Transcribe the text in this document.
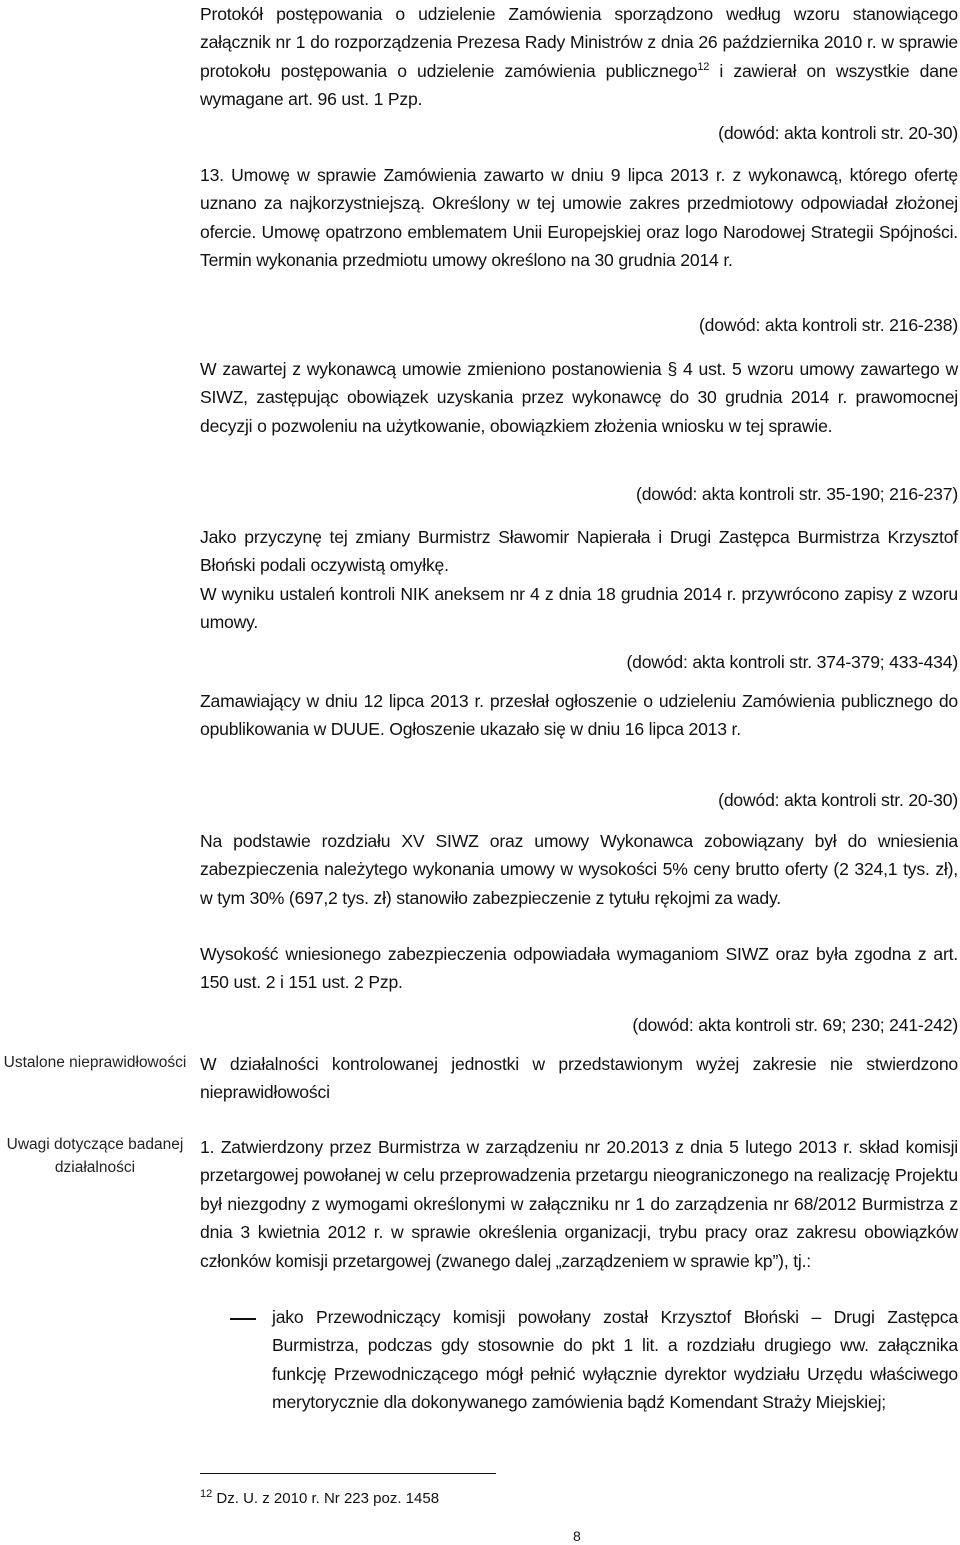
Protokół postępowania o udzielenie Zamówienia sporządzono według wzoru stanowiącego załącznik nr 1 do rozporządzenia Prezesa Rady Ministrów z dnia 26 października 2010 r. w sprawie protokołu postępowania o udzielenie zamówienia publicznego$^{12}$ i zawierał on wszystkie dane wymagane art. 96 ust. 1 Pzp.
(dowód: akta kontroli str. 20-30)
13. Umowę w sprawie Zamówienia zawarto w dniu 9 lipca 2013 r. z wykonawcą, którego ofertę uznano za najkorzystniejszą. Określony w tej umowie zakres przedmiotowy odpowiadał złożonej ofercie. Umowę opatrzono emblematem Unii Europejskiej oraz logo Narodowej Strategii Spójności. Termin wykonania przedmiotu umowy określono na 30 grudnia 2014 r.
(dowód: akta kontroli str. 216-238)
W zawartej z wykonawcą umowie zmieniono postanowienia § 4 ust. 5 wzoru umowy zawartego w SIWZ, zastępując obowiązek uzyskania przez wykonawcę do 30 grudnia 2014 r. prawomocnej decyzji o pozwoleniu na użytkowanie, obowiązkiem złożenia wniosku w tej sprawie.
(dowód: akta kontroli str. 35-190; 216-237)
Jako przyczynę tej zmiany Burmistrz Sławomir Napierała i Drugi Zastępca Burmistrza Krzysztof Błoński podali oczywistą omyłkę.
W wyniku ustaleń kontroli NIK aneksem nr 4 z dnia 18 grudnia 2014 r. przywrócono zapisy z wzoru umowy.
(dowód: akta kontroli str. 374-379; 433-434)
Zamawiający w dniu 12 lipca 2013 r. przesłał ogłoszenie o udzieleniu Zamówienia publicznego do opublikowania w DUUE. Ogłoszenie ukazało się w dniu 16 lipca 2013 r.
(dowód: akta kontroli str. 20-30)
Na podstawie rozdziału XV SIWZ oraz umowy Wykonawca zobowiązany był do wniesienia zabezpieczenia należytego wykonania umowy w wysokości 5% ceny brutto oferty (2 324,1 tys. zł), w tym 30% (697,2 tys. zł) stanowiło zabezpieczenie z tytułu rękojmi za wady.
Wysokość wniesionego zabezpieczenia odpowiadała wymaganiom SIWZ oraz była zgodna z art. 150 ust. 2 i 151 ust. 2 Pzp.
(dowód: akta kontroli str. 69; 230; 241-242)
W działalności kontrolowanej jednostki w przedstawionym wyżej zakresie nie stwierdzono nieprawidłowości
1. Zatwierdzony przez Burmistrza w zarządzeniu nr 20.2013 z dnia 5 lutego 2013 r. skład komisji przetargowej powołanej w celu przeprowadzenia przetargu nieograniczonego na realizację Projektu był niezgodny z wymogami określonymi w załączniku nr 1 do zarządzenia nr 68/2012 Burmistrza z dnia 3 kwietnia 2012 r. w sprawie określenia organizacji, trybu pracy oraz zakresu obowiązków członków komisji przetargowej (zwanego dalej „zarządzeniem w sprawie kp”), tj.:
jako Przewodniczący komisji powołany został Krzysztof Błoński – Drugi Zastępca Burmistrza, podczas gdy stosownie do pkt 1 lit. a rozdziału drugiego ww. załącznika funkcję Przewodniczącego mógł pełnić wyłącznie dyrektor wydziału Urzędu właściwego merytorycznie dla dokonywanego zamówienia bądź Komendant Straży Miejskiej;
Ustalone nieprawidłowości
Uwagi dotyczące badanej działalności
$^{12}$ Dz. U. z 2010 r. Nr 223 poz. 1458
8
